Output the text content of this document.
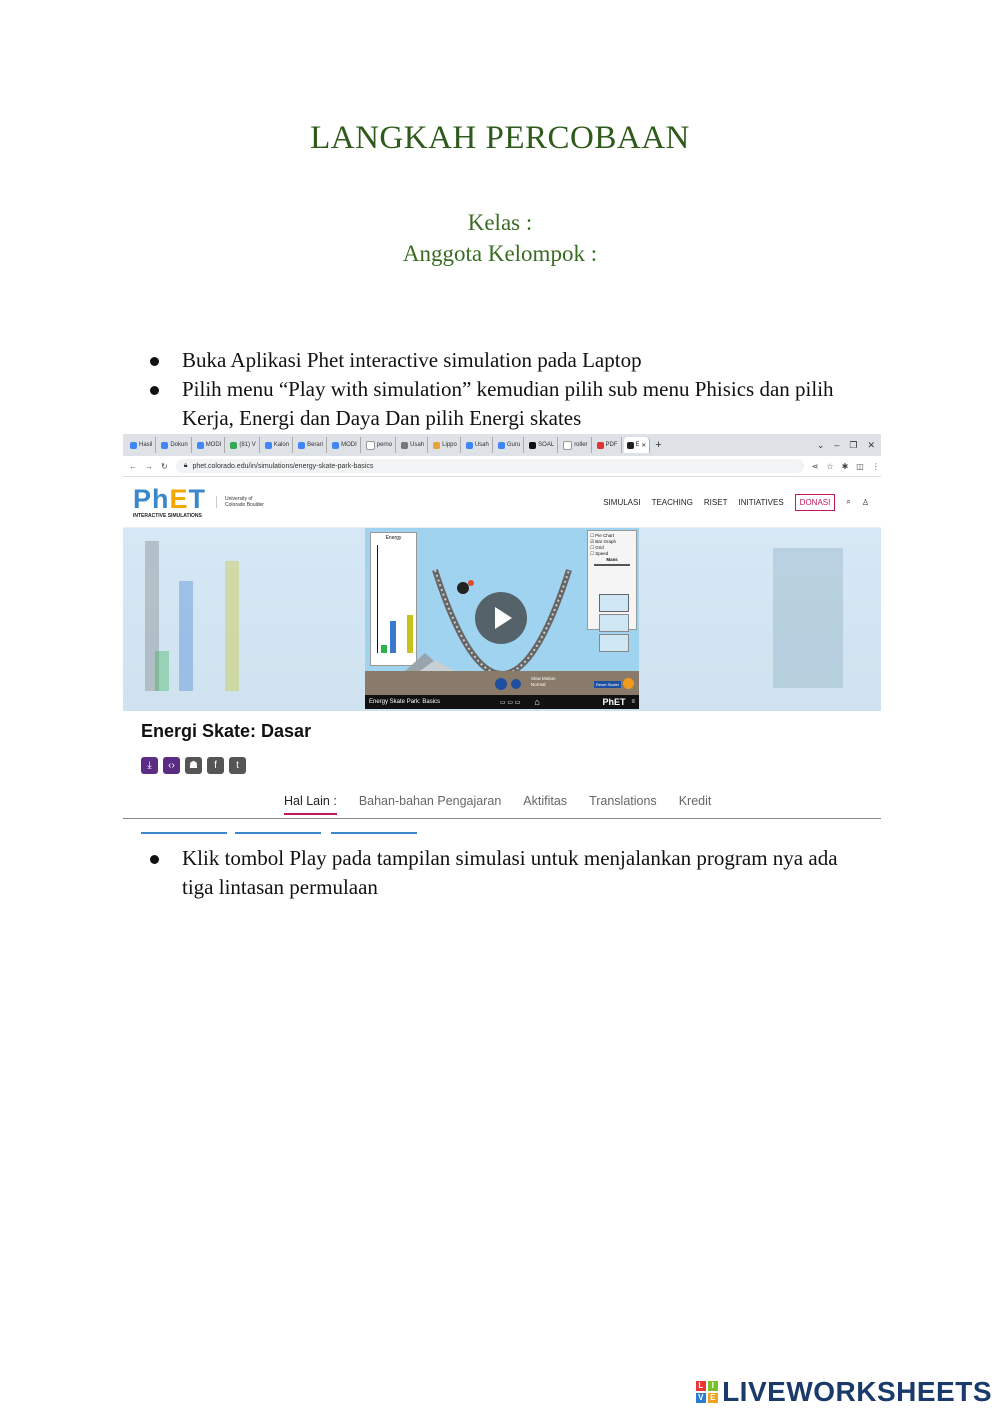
LANGKAH PERCOBAAN
Kelas :
Anggota Kelompok :
Buka Aplikasi Phet interactive simulation pada Laptop
Pilih menu “Play with simulation” kemudian pilih sub menu Phisics dan pilih Kerja, Energi dan Daya Dan pilih Energi skates
Hasil	Dokun	MODI	(81) V	Kalon	Berari	MODI	perno	Usah	Lippo	Usah	Guru	SOAL	roller	PDF	E
✕ +	⌄ – ❐ ✕
← → ↻ 🔒︎ phet.colorado.edu/in/simulations/energy-skate-park-basics	⋖ ☆ ✱ ◫ ⋮
PhET
INTERACTIVE SIMULATIONS
University of Colorado Boulder	SIMULASI TEACHING RISET INITIATIVES	DONASI	⌕ ♙
Energy	☐ Pie Chart
☑ Bar Graph
☐ Grid
☐ Speed
Mass
Slow Motion
Normal	Reset Skater
Energy Skate Park: Basics	▭ ▭ ▭ ⌂	PhET ≡
Energi Skate: Dasar
⤓	‹›	☗	f	t
Hal Lain : Bahan-bahan Pengajaran Aktifitas Translations Kredit
Klik tombol Play pada tampilan simulasi untuk menjalankan program nya ada tiga lintasan permulaan
L I
V E LIVEWORKSHEETS
